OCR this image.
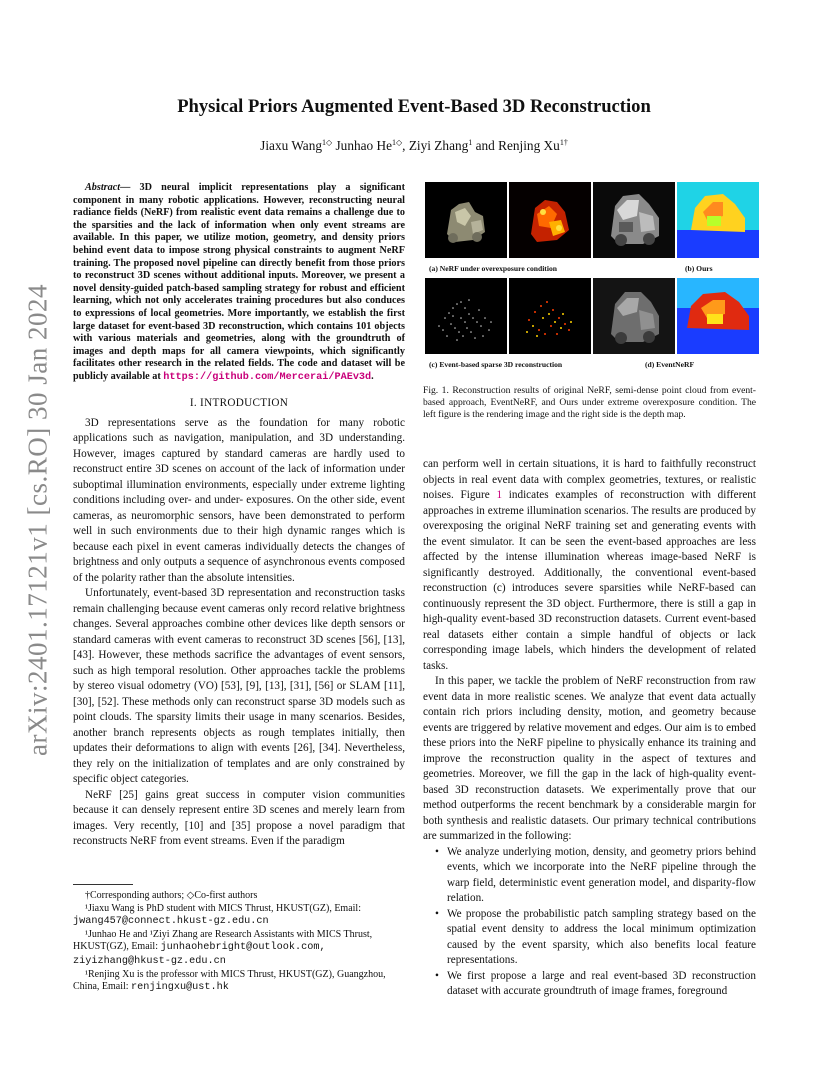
arXiv:2401.17121v1 [cs.RO] 30 Jan 2024
Physical Priors Augmented Event-Based 3D Reconstruction
Jiaxu Wang$^{1◇}$ Junhao $He^{1◇}$, Ziyi Zhang$^1$ and Renjing $Xu^{1\dagger}$

Abstract— 3D neural implicit representations play a significant component in many robotic applications. However, reconstructing neural radiance fields (NeRF) from realistic event data remains a challenge due to the sparsities and the lack of information when only event streams are available. In this paper, we utilize motion, geometry, and density priors behind event data to impose strong physical constraints to augment NeRF training. The proposed novel pipeline can directly benefit from those priors to reconstruct 3D scenes without additional inputs. Moreover, we present a novel density-guided patch-based sampling strategy for robust and efficient learning, which not only accelerates training procedures but also conduces to expressions of local geometries. More importantly, we establish the first large dataset for event-based 3D reconstruction, which contains 101 objects with various materials and geometries, along with the groundtruth of images and depth maps for all camera viewpoints, which significantly facilitates other research in the related fields. The code and dataset will be publicly available at https://github.com/Mercerai/PAEv3d.

I. INTRODUCTION

3D representations serve as the foundation for many robotic applications such as navigation, manipulation, and 3D understanding. However, images captured by standard cameras are hardly used to reconstruct entire 3D scenes on account of the lack of information under suboptimal illumination environments, especially under extreme lighting conditions including over- and under- exposures. On the other side, event cameras, as neuromorphic sensors, have been demonstrated to perform well in such environments due to their high dynamic ranges which is because each pixel in event cameras individually detects the changes of brightness and only outputs a sequence of asynchronous events composed of the polarity rather than the absolute intensities.

Unfortunately, event-based 3D representation and reconstruction tasks remain challenging because event cameras only record relative brightness changes. Several approaches combine other devices like depth sensors or standard cameras with event cameras to reconstruct 3D scenes [56], [13], [43]. However, these methods sacrifice the advantages of event sensors, such as high temporal resolution. Other approaches tackle the problems by stereo visual odometry (VO) [53], [9], [13], [31], [56] or SLAM [11], [30], [52]. These methods only can reconstruct sparse 3D models such as point clouds. The sparsity limits their usage in many scenarios. Besides, another branch represents objects as rough templates initially, then updates their deformations to align with events [26], [34]. Nevertheless, they rely on the initialization of templates and are only constrained by specific object categories.

NeRF [25] gains great success in computer vision communities because it can densely represent entire 3D scenes and merely learn from images. Very recently, [10] and [35] propose a novel paradigm that reconstructs NeRF from event streams. Even if the paradigm

†Corresponding authors; ◇Co-first authors
¹Jiaxu Wang is PhD student with MICS Thrust, HKUST(GZ), Email: jwang457@connect.hkust-gz.edu.cn
¹Junhao He and ¹Ziyi Zhang are Research Assistants with MICS Thrust, HKUST(GZ), Email: junhaohebright@outlook.com, ziyizhang@hkust-gz.edu.cn
¹Renjing Xu is the professor with MICS Thrust, HKUST(GZ), Guangzhou, China, Email: renjingxu@ust.hk
(a) NeRF under overexposure condition	(b) Ours
(c) Event-based sparse 3D reconstruction	(d) EventNeRF
Fig. 1. Reconstruction results of original NeRF, semi-dense point cloud from event-based approach, EventNeRF, and Ours under extreme overexposure condition. The left figure is the rendering image and the right side is the depth map.

can perform well in certain situations, it is hard to faithfully reconstruct objects in real event data with complex geometries, textures, or realistic noises. Figure 1 indicates examples of reconstruction with different approaches in extreme illumination scenarios. The results are produced by overexposing the original NeRF training set and generating events with the event simulator. It can be seen the event-based approaches are less affected by the intense illumination whereas image-based NeRF is significantly destroyed. Additionally, the conventional event-based reconstruction (c) introduces severe sparsities while NeRF-based can continuously represent the 3D object. Furthermore, there is still a gap in high-quality event-based 3D reconstruction datasets. Current event-based real datasets either contain a simple handful of objects or lack corresponding image labels, which hinders the development of related tasks.

In this paper, we tackle the problem of NeRF reconstruction from raw event data in more realistic scenes. We analyze that event data actually contain rich priors including density, motion, and geometry because events are triggered by relative movement and edges. Our aim is to embed these priors into the NeRF pipeline to physically enhance its training and improve the reconstruction quality in the aspect of textures and geometries. Moreover, we fill the gap in the lack of high-quality event-based 3D reconstruction datasets. We experimentally prove that our method outperforms the recent benchmark by a considerable margin for both synthesis and realistic datasets. Our primary technical contributions are summarized in the following:

• We analyze underlying motion, density, and geometry priors behind events, which we incorporate into the NeRF pipeline through the warp field, deterministic event generation model, and disparity-flow relation.
• We propose the probabilistic patch sampling strategy based on the spatial event density to address the local minimum optimization caused by the event sparsity, which also benefits local feature representations.
• We first propose a large and real event-based 3D reconstruction dataset with accurate groundtruth of image frames, foreground
